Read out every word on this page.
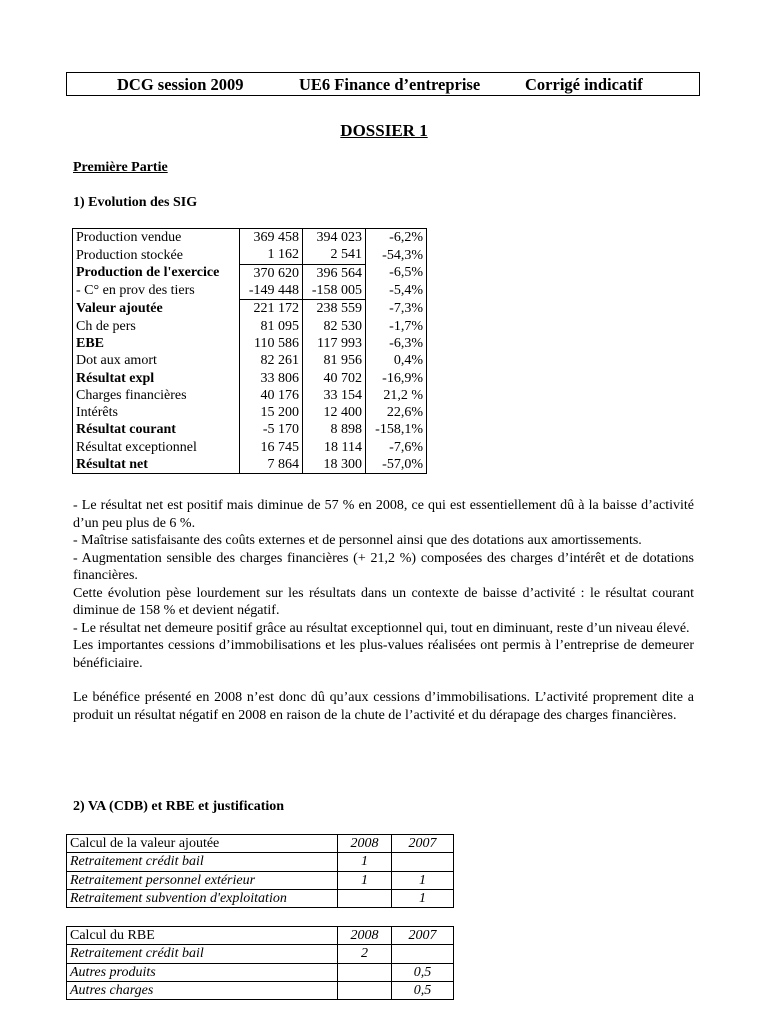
DCG session 2009	UE6 Finance d’entreprise	Corrigé indicatif
DOSSIER 1
Première Partie
1) Evolution des SIG
Production vendue	369 458	394 023	-6,2%
Production stockée	1 162	2 541	-54,3%
Production de l'exercice	370 620	396 564	-6,5%
- C° en prov des tiers	-149 448	-158 005	-5,4%
Valeur ajoutée	221 172	238 559	-7,3%
Ch de pers	81 095	82 530	-1,7%
EBE	110 586	117 993	-6,3%
Dot aux amort	82 261	81 956	0,4%
Résultat expl	33 806	40 702	-16,9%
Charges financières	40 176	33 154	21,2 %
Intérêts	15 200	12 400	22,6%
Résultat courant	-5 170	8 898	-158,1%
Résultat exceptionnel	16 745	18 114	-7,6%
Résultat net	7 864	18 300	-57,0%

- Le résultat net est positif mais diminue de 57 % en 2008, ce qui est essentiellement dû à la baisse d’activité d’un peu plus de 6 %.

- Maîtrise satisfaisante des coûts externes et de personnel ainsi que des dotations aux amortissements.

- Augmentation sensible des charges financières (+ 21,2 %) composées des charges d’intérêt et de dotations financières.

Cette évolution pèse lourdement sur les résultats dans un contexte de baisse d’activité : le résultat courant diminue de 158 % et devient négatif.

- Le résultat net demeure positif grâce au résultat exceptionnel qui, tout en diminuant, reste d’un niveau élevé.

Les importantes cessions d’immobilisations et les plus-values réalisées ont permis à l’entreprise de demeurer bénéficiaire.

Le bénéfice présenté en 2008 n’est donc dû qu’aux cessions d’immobilisations. L’activité proprement dite a produit un résultat négatif en 2008 en raison de la chute de l’activité et du dérapage des charges financières.

2) VA (CDB) et RBE et justification
Calcul de la valeur ajoutée	2008	2007
Retraitement crédit bail	1	
Retraitement personnel extérieur	1	1
Retraitement subvention d'exploitation		1
Calcul du RBE	2008	2007
Retraitement crédit bail	2	
Autres produits		0,5
Autres charges		0,5
